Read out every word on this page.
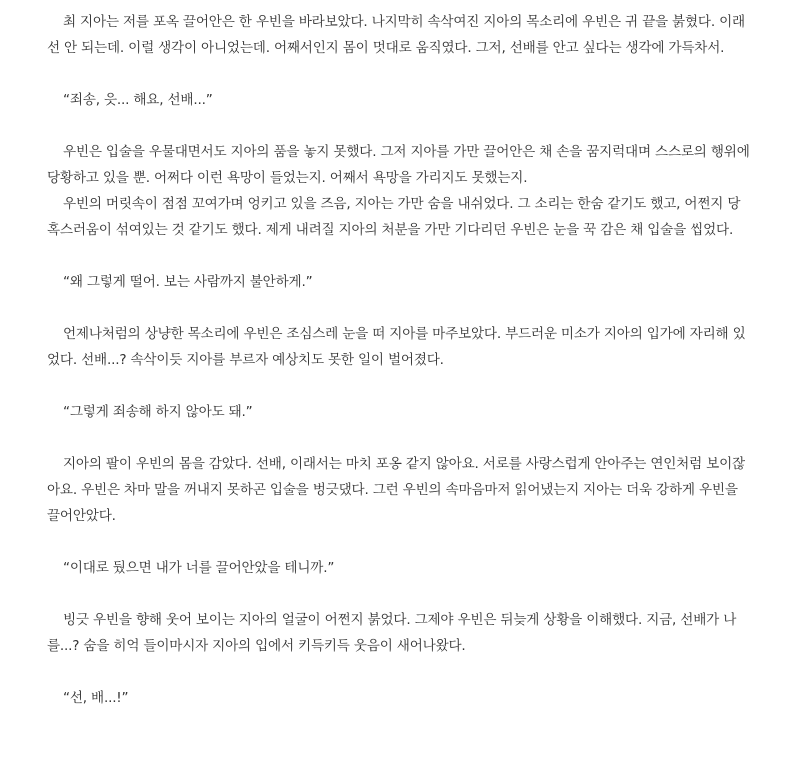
최 지아는 저를 포옥 끌어안은 한 우빈을 바라보았다. 나지막히 속삭여진 지아의 목소리에 우빈은 귀 끝을 붉혔다. 이래선 안 되는데. 이럴 생각이 아니었는데. 어째서인지 몸이 멋대로 움직였다. 그저, 선배를 안고 싶다는 생각에 가득차서.

“죄송, 읏... 해요, 선배...”

우빈은 입술을 우물대면서도 지아의 품을 놓지 못했다. 그저 지아를 가만 끌어안은 채 손을 꿈지럭대며 스스로의 행위에 당황하고 있을 뿐. 어쩌다 이런 욕망이 들었는지. 어째서 욕망을 가리지도 못했는지.

우빈의 머릿속이 점점 꼬여가며 엉키고 있을 즈음, 지아는 가만 숨을 내쉬었다. 그 소리는 한숨 같기도 했고, 어쩐지 당혹스러움이 섞여있는 것 같기도 했다. 제게 내려질 지아의 처분을 가만 기다리던 우빈은 눈을 꾹 감은 채 입술을 씹었다.

“왜 그렇게 떨어. 보는 사람까지 불안하게.”

언제나처럼의 상냥한 목소리에 우빈은 조심스레 눈을 떠 지아를 마주보았다. 부드러운 미소가 지아의 입가에 자리해 있었다. 선배...? 속삭이듯 지아를 부르자 예상치도 못한 일이 벌어졌다.

“그렇게 죄송해 하지 않아도 돼.”

지아의 팔이 우빈의 몸을 감았다. 선배, 이래서는 마치 포옹 같지 않아요. 서로를 사랑스럽게 안아주는 연인처럼 보이잖아요. 우빈은 차마 말을 꺼내지 못하곤 입술을 벙긋댔다. 그런 우빈의 속마음마저 읽어냈는지 지아는 더욱 강하게 우빈을 끌어안았다.

“이대로 뒀으면 내가 너를 끌어안았을 테니까.”

빙긋 우빈을 향해 웃어 보이는 지아의 얼굴이 어쩐지 붉었다. 그제야 우빈은 뒤늦게 상황을 이해했다. 지금, 선배가 나를...? 숨을 히억 들이마시자 지아의 입에서 키득키득 웃음이 새어나왔다.

“선, 배...!”
